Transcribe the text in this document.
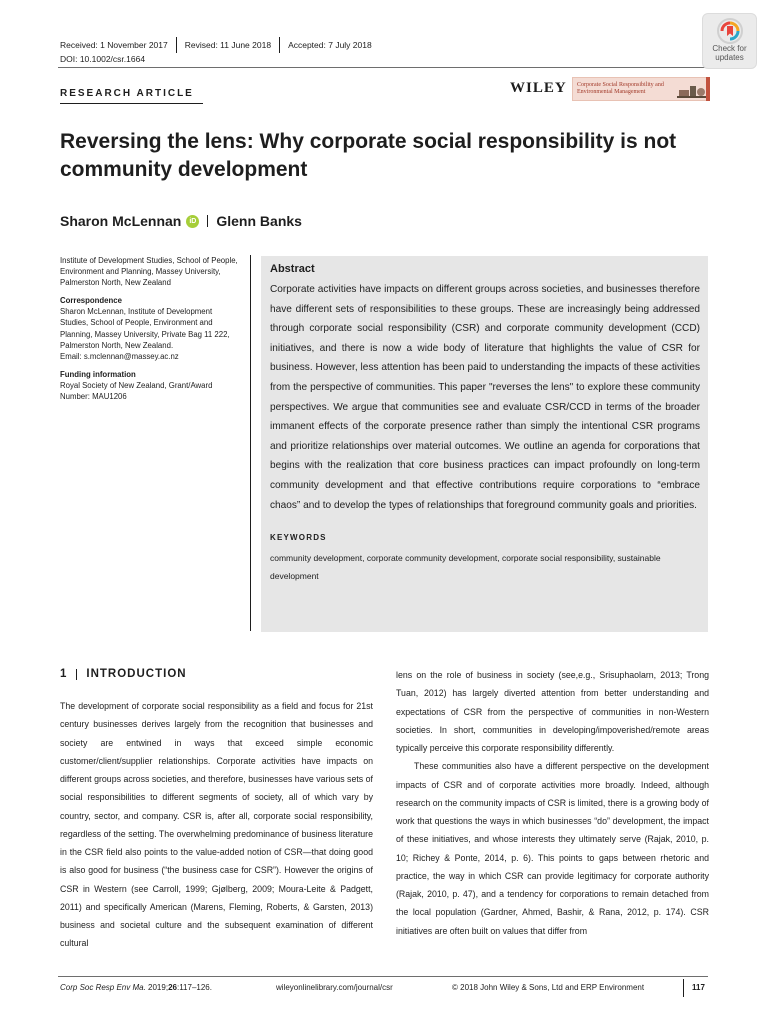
Received: 1 November 2017 Revised: 11 June 2018 Accepted: 7 July 2018
DOI: 10.1002/csr.1664
Check for
updates
WILEY Corporate Social Responsibility and
Environmental Management
RESEARCH ARTICLE
Reversing the lens: Why corporate social responsibility is not community development
Sharon McLennan	iD Glenn Banks

Institute of Development Studies, School of People, Environment and Planning, Massey University, Palmerston North, New Zealand

Correspondence

Sharon McLennan, Institute of Development Studies, School of People, Environment and Planning, Massey University, Private Bag 11 222, Palmerston North, New Zealand.

Email: s.mclennan@massey.ac.nz

Funding information

Royal Society of New Zealand, Grant/Award Number: MAU1206

Abstract

Corporate activities have impacts on different groups across societies, and businesses therefore have different sets of responsibilities to these groups. These are increasingly being addressed through corporate social responsibility (CSR) and corporate community development (CCD) initiatives, and there is now a wide body of literature that highlights the value of CSR for business. However, less attention has been paid to understanding the impacts of these activities from the perspective of communities. This paper "reverses the lens" to explore these community perspectives. We argue that communities see and evaluate CSR/CCD in terms of the broader immanent effects of the corporate presence rather than simply the intentional CSR programs and prioritize relationships over material outcomes. We outline an agenda for corporations that begins with the realization that core business practices can impact profoundly on long-term community development and that effective contributions require corporations to “embrace chaos” and to develop the types of relationships that foreground community goals and priorities.

KEYWORDS
community development, corporate community development, corporate social responsibility, sustainable development
1 INTRODUCTION

The development of corporate social responsibility as a field and focus for 21st century businesses derives largely from the recognition that businesses and society are entwined in ways that exceed simple economic customer/client/supplier relationships. Corporate activities have impacts on different groups across societies, and therefore, businesses have various sets of social responsibilities to different segments of society, all of which vary by country, sector, and company. CSR is, after all, corporate social responsibility, regardless of the setting. The overwhelming predominance of business literature in the CSR field also points to the value-added notion of CSR—that doing good is also good for business (“the business case for CSR”). However the origins of CSR in Western (see Carroll, 1999; Gjølberg, 2009; Moura-Leite & Padgett, 2011) and specifically American (Marens, Fleming, Roberts, & Garsten, 2013) business and societal culture and the subsequent examination of different cultural

lens on the role of business in society (see,e.g., Srisuphaolarn, 2013; Trong Tuan, 2012) has largely diverted attention from better understanding and expectations of CSR from the perspective of communities in non-Western societies. In short, communities in developing/impoverished/remote areas typically perceive this corporate responsibility differently.

These communities also have a different perspective on the development impacts of CSR and of corporate activities more broadly. Indeed, although research on the community impacts of CSR is limited, there is a growing body of work that questions the ways in which businesses “do” development, the impact of these initiatives, and whose interests they ultimately serve (Rajak, 2010, p. 10; Richey & Ponte, 2014, p. 6). This points to gaps between rhetoric and practice, the way in which CSR can provide legitimacy for corporate authority (Rajak, 2010, p. 47), and a tendency for corporations to remain detached from the local population (Gardner, Ahmed, Bashir, & Rana, 2012, p. 174). CSR initiatives are often built on values that differ from

Corp Soc Resp Env Ma. 2019;26:117–126.	wileyonlinelibrary.com/journal/csr	© 2018 John Wiley & Sons, Ltd and ERP Environment	117
